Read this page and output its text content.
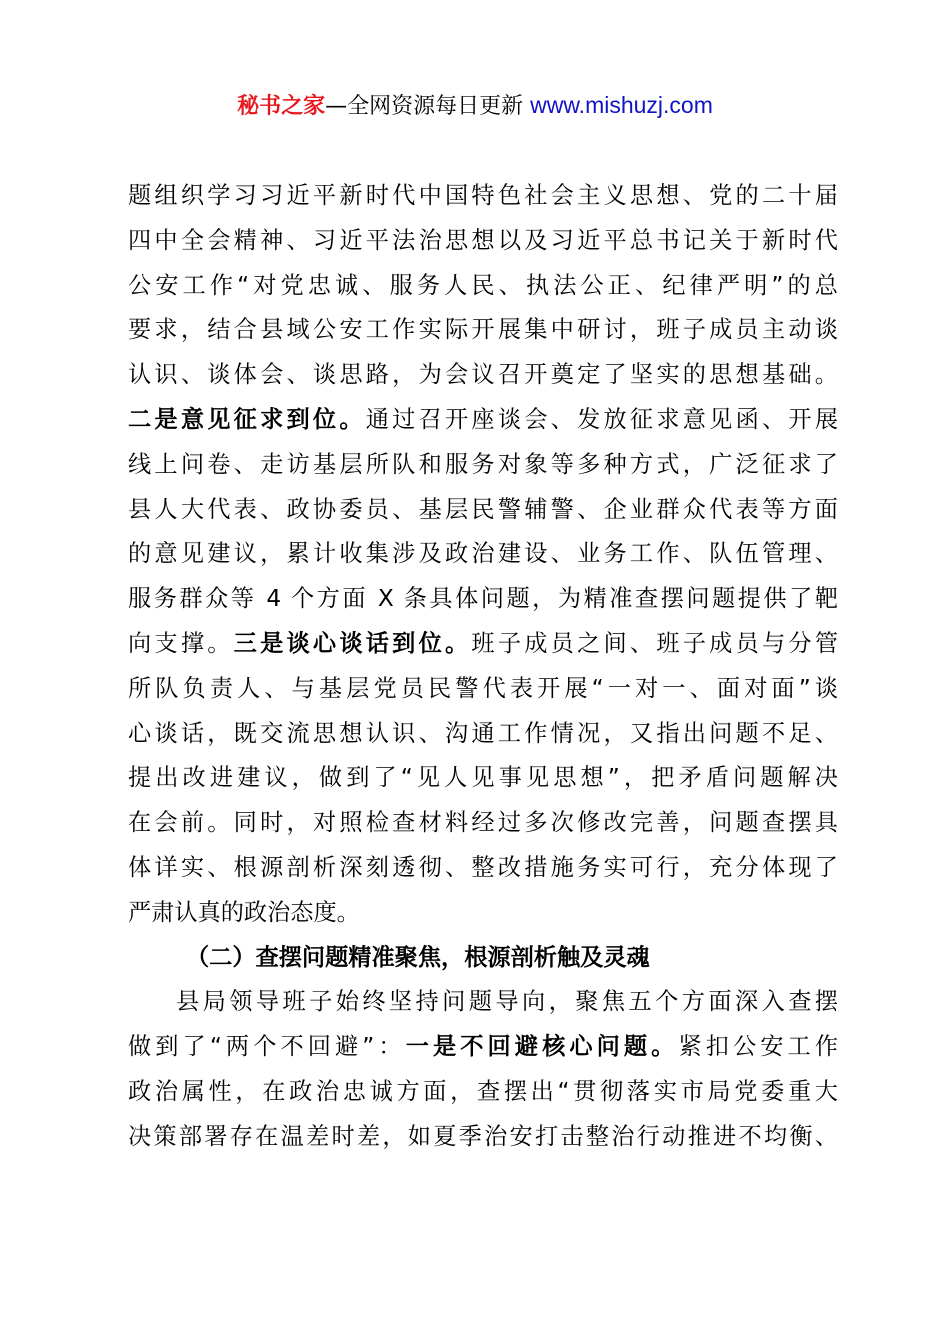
秘书之家—全网资源每日更新 www.mishuzj.com
题组织学习习近平新时代中国特色社会主义思想、党的二十届
四中全会精神、习近平法治思想以及习近平总书记关于新时代
公安工作“对党忠诚、服务人民、执法公正、纪律严明”的总
要求，结合县域公安工作实际开展集中研讨，班子成员主动谈
认识、谈体会、谈思路，为会议召开奠定了坚实的思想基础。
二是意见征求到位。通过召开座谈会、发放征求意见函、开展
线上问卷、走访基层所队和服务对象等多种方式，广泛征求了
县人大代表、政协委员、基层民警辅警、企业群众代表等方面
的意见建议，累计收集涉及政治建设、业务工作、队伍管理、
服务群众等 4 个方面 X 条具体问题，为精准查摆问题提供了靶
向支撑。三是谈心谈话到位。班子成员之间、班子成员与分管
所队负责人、与基层党员民警代表开展“一对一、面对面”谈
心谈话，既交流思想认识、沟通工作情况，又指出问题不足、
提出改进建议，做到了“见人见事见思想”，把矛盾问题解决
在会前。同时，对照检查材料经过多次修改完善，问题查摆具
体详实、根源剖析深刻透彻、整改措施务实可行，充分体现了
严肃认真的政治态度。
（二）查摆问题精准聚焦，根源剖析触及灵魂
县局领导班子始终坚持问题导向，聚焦五个方面深入查摆
做到了“两个不回避”：一是不回避核心问题。紧扣公安工作
政治属性，在政治忠诚方面，查摆出“贯彻落实市局党委重大
决策部署存在温差时差，如夏季治安打击整治行动推进不均衡、
